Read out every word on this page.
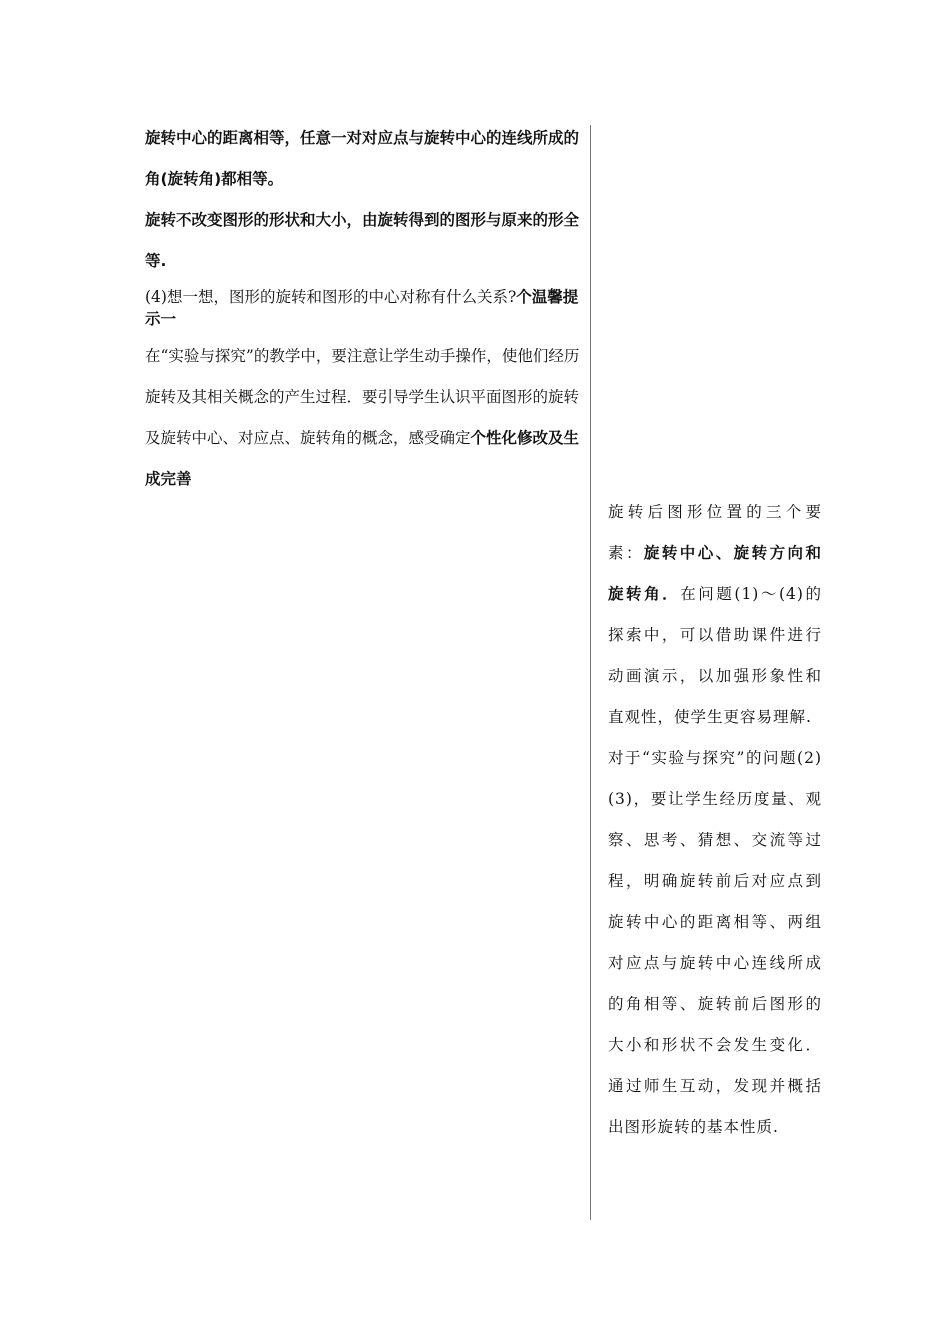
旋转中心的距离相等，任意一对对应点与旋转中心的连线所成的角(旋转角)都相等。

旋转不改变图形的形状和大小，由旋转得到的图形与原来的形全等.

(4)想一想，图形的旋转和图形的中心对称有什么关系?个温馨提示一

在“实验与探究”的教学中，要注意让学生动手操作，使他们经历旋转及其相关概念的产生过程．要引导学生认识平面图形的旋转及旋转中心、对应点、旋转角的概念，感受确定个性化修改及生成完善

旋转后图形位置的三个要素：旋转中心、旋转方向和旋转角．在问题(1)～(4)的探索中，可以借助课件进行动画演示，以加强形象性和直观性，使学生更容易理解.

对于“实验与探究”的问题(2)(3)，要让学生经历度量、观察、思考、猜想、交流等过程，明确旋转前后对应点到旋转中心的距离相等、两组对应点与旋转中心连线所成的角相等、旋转前后图形的大小和形状不会发生变化．通过师生互动，发现并概括出图形旋转的基本性质.
